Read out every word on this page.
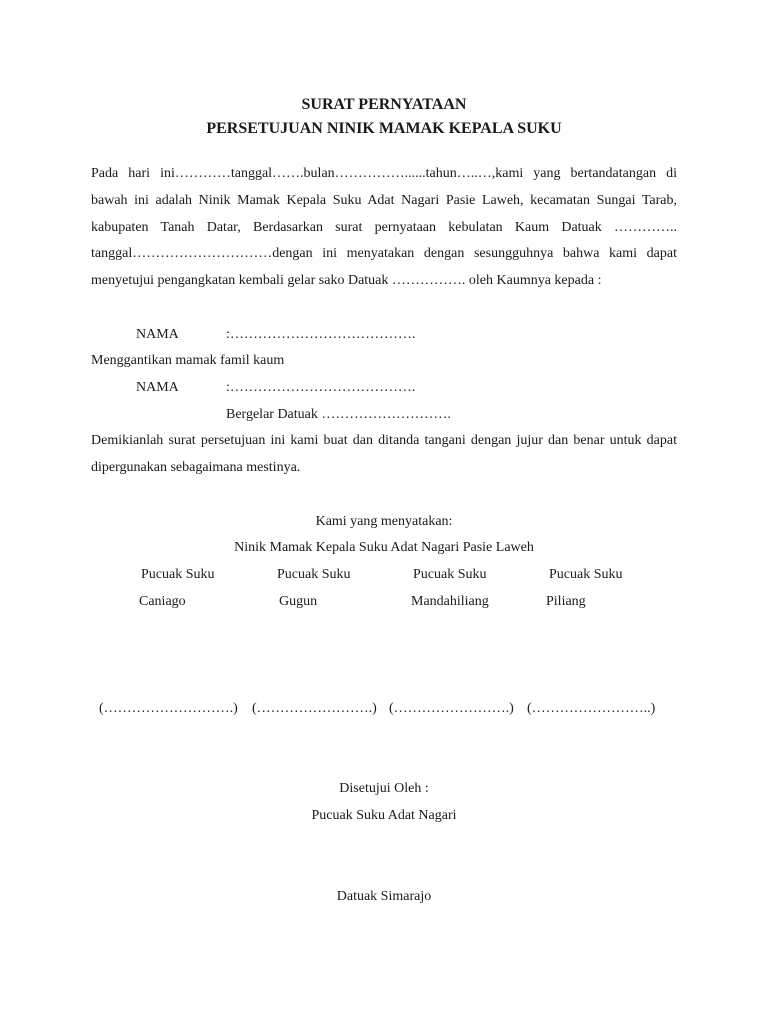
SURAT PERNYATAAN
PERSETUJUAN NINIK MAMAK KEPALA SUKU

Pada hari ini…………tanggal…….bulan……………......tahun…..…,kami yang bertandatangan di bawah ini adalah Ninik Mamak Kepala Suku Adat Nagari Pasie Laweh, kecamatan Sungai Tarab, kabupaten Tanah Datar, Berdasarkan surat pernyataan kebulatan Kaum Datuak ………….. tanggal…………………………dengan ini menyatakan dengan sesungguhnya bahwa kami dapat menyetujui pengangkatan kembali gelar sako Datuak ……………. oleh Kaumnya kepada :

NAMA	:………………………………….
Menggantikan mamak famil kaum
NAMA	:………………………………….
Bergelar Datuak ……………………….

Demikianlah surat persetujuan ini kami buat dan ditanda tangani dengan jujur dan benar untuk dapat dipergunakan sebagaimana mestinya.

Kami yang menyatakan:
Ninik Mamak Kepala Suku Adat Nagari Pasie Laweh
Pucuak Suku	Pucuak Suku	Pucuak Suku	Pucuak Suku
Caniago	Gugun	Mandahiliang	Piliang
(……………………….) (…………………….) (…………………….) (……………………..)
Disetujui Oleh :
Pucuak Suku Adat Nagari
Datuak Simarajo
